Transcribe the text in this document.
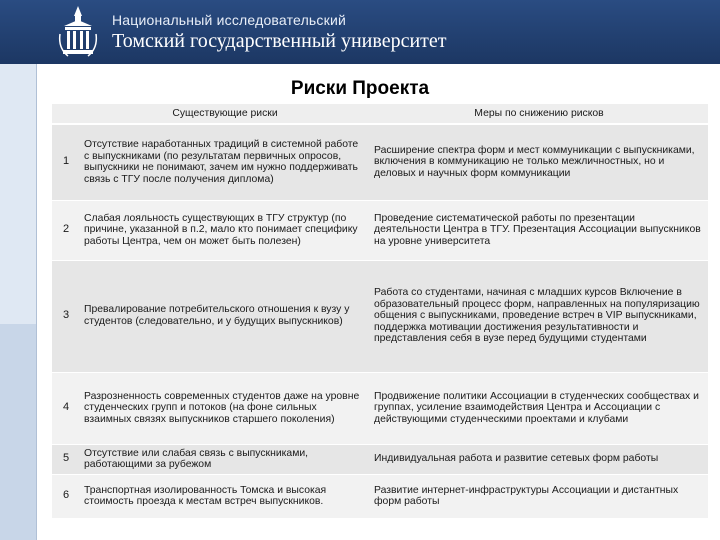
Национальный исследовательский
Томский государственный университет
Риски Проекта
	Существующие риски	Меры по снижению рисков
1	Отсутствие наработанных традиций в системной работе с выпускниками (по результатам первичных опросов, выпускники не понимают, зачем им нужно поддерживать связь с ТГУ после получения диплома)	Расширение спектра форм и мест коммуникации с выпускниками, включения в коммуникацию не только межличностных, но и деловых и научных форм коммуникации
2	Слабая лояльность существующих в ТГУ структур (по причине, указанной в п.2, мало кто понимает специфику работы Центра, чем он может быть полезен)	Проведение систематической работы по презентации деятельности Центра в ТГУ. Презентация Ассоциации выпускников на уровне университета
3	Превалирование потребительского отношения к вузу у студентов (следовательно, и у будущих выпускников)	Работа со студентами, начиная с младших курсов Включение в образовательный процесс форм, направленных на популяризацию общения с выпускниками, проведение встреч в VIP выпускниками, поддержка мотивации достижения результативности и представления себя в вузе перед будущими студентами
4	Разрозненность современных студентов даже на уровне студенческих групп и потоков (на фоне сильных взаимных связях выпускников старшего поколения)	Продвижение политики Ассоциации в студенческих сообществах и группах, усиление взаимодействия Центра и Ассоциации с действующими студенческими проектами и клубами
5	Отсутствие или слабая связь с выпускниками, работающими за рубежом	Индивидуальная работа и развитие сетевых форм работы
6	Транспортная изолированность Томска и высокая стоимость проезда к местам встреч выпускников.	Развитие интернет-инфраструктуры Ассоциации и дистантных форм работы
